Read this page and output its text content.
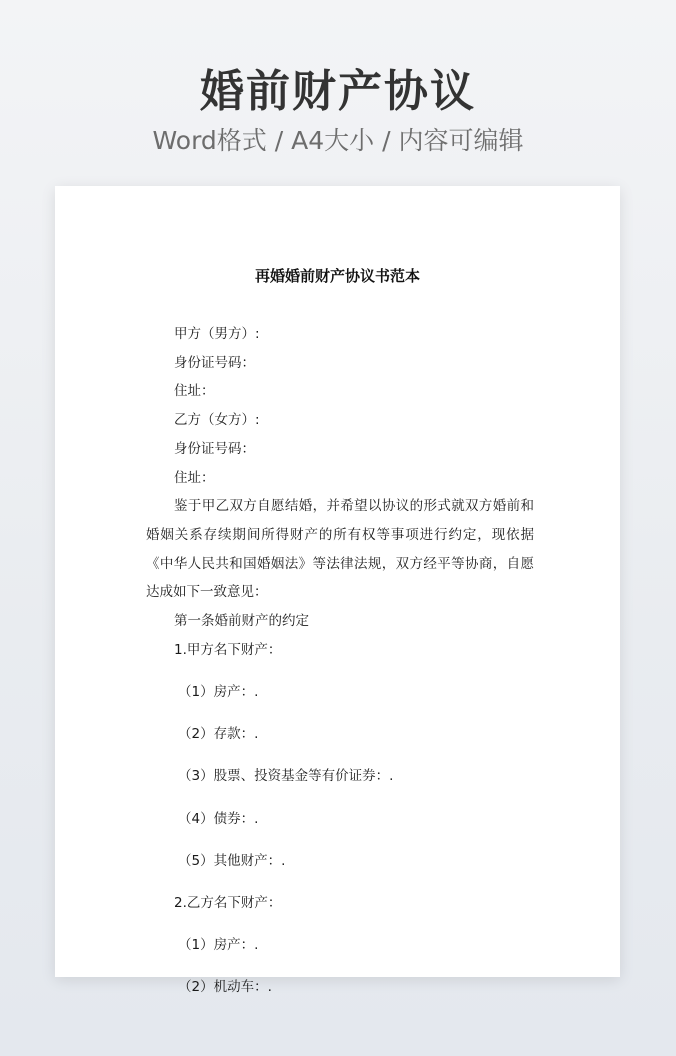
婚前财产协议
Word格式 / A4大小 / 内容可编辑
再婚婚前财产协议书范本

甲方（男方）:

身份证号码：

住址：

乙方（女方）:

身份证号码：

住址：

鉴于甲乙双方自愿结婚，并希望以协议的形式就双方婚前和婚姻关系存续期间所得财产的所有权等事项进行约定，现依据《中华人民共和国婚姻法》等法律法规，双方经平等协商，自愿达成如下一致意见：

第一条婚前财产的约定

1.甲方名下财产：

（1）房产：.

（2）存款：.

（3）股票、投资基金等有价证券：.

（4）债券：.

（5）其他财产：.

2.乙方名下财产：

（1）房产：.

（2）机动车：.
